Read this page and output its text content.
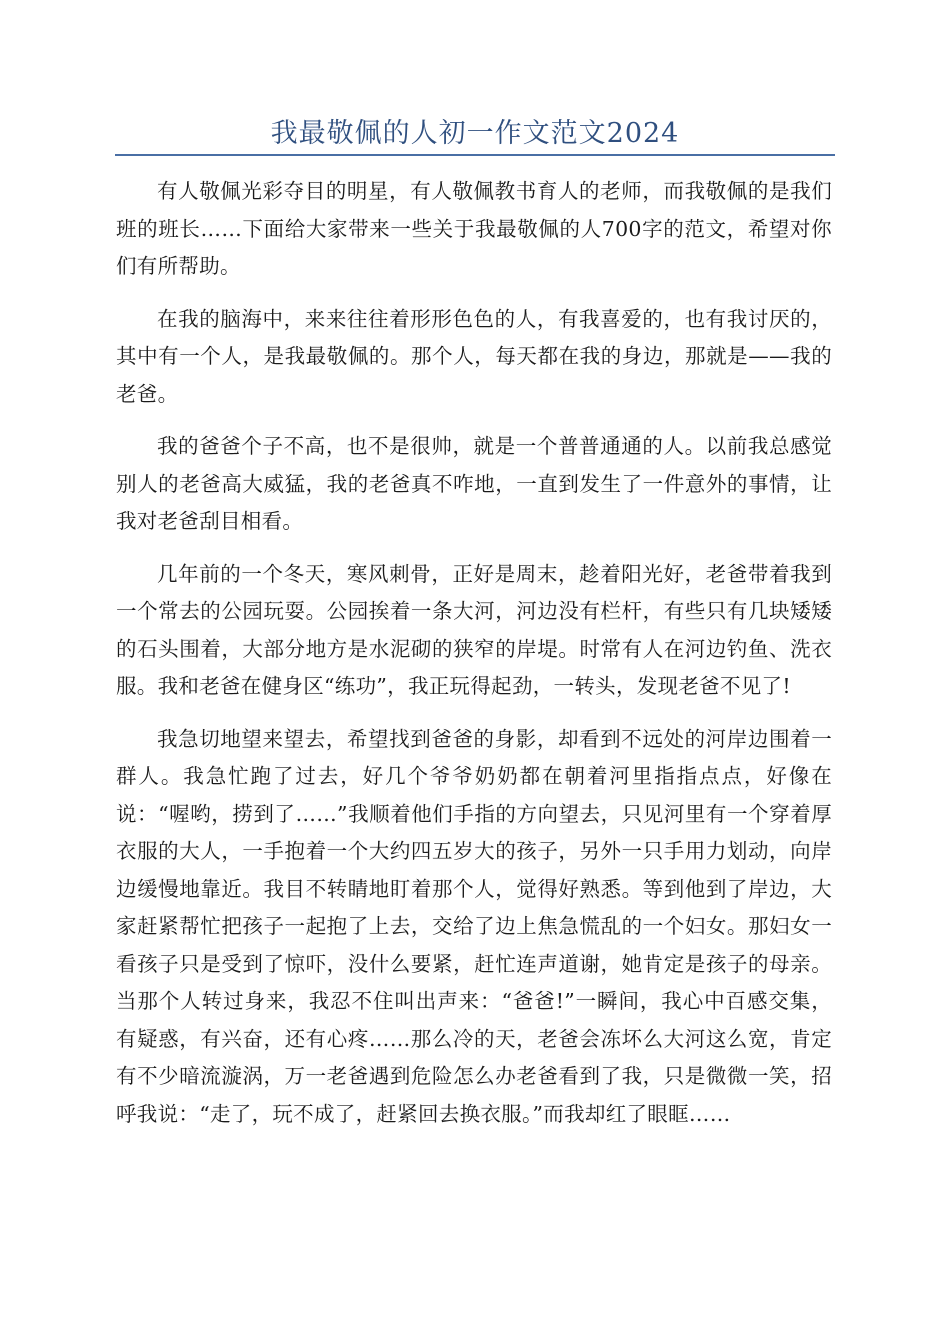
我最敬佩的人初一作文范文2024

有人敬佩光彩夺目的明星，有人敬佩教书育人的老师，而我敬佩的是我们班的班长……下面给大家带来一些关于我最敬佩的人700字的范文，希望对你们有所帮助。

在我的脑海中，来来往往着形形色色的人，有我喜爱的，也有我讨厌的，其中有一个人，是我最敬佩的。那个人，每天都在我的身边，那就是——我的老爸。

我的爸爸个子不高，也不是很帅，就是一个普普通通的人。以前我总感觉别人的老爸高大威猛，我的老爸真不咋地，一直到发生了一件意外的事情，让我对老爸刮目相看。

几年前的一个冬天，寒风刺骨，正好是周末，趁着阳光好，老爸带着我到一个常去的公园玩耍。公园挨着一条大河，河边没有栏杆，有些只有几块矮矮的石头围着，大部分地方是水泥砌的狭窄的岸堤。时常有人在河边钓鱼、洗衣服。我和老爸在健身区“练功”，我正玩得起劲，一转头，发现老爸不见了!

我急切地望来望去，希望找到爸爸的身影，却看到不远处的河岸边围着一群人。我急忙跑了过去，好几个爷爷奶奶都在朝着河里指指点点，好像在说：“喔哟，捞到了……”我顺着他们手指的方向望去，只见河里有一个穿着厚衣服的大人，一手抱着一个大约四五岁大的孩子，另外一只手用力划动，向岸边缓慢地靠近。我目不转睛地盯着那个人，觉得好熟悉。等到他到了岸边，大家赶紧帮忙把孩子一起抱了上去，交给了边上焦急慌乱的一个妇女。那妇女一看孩子只是受到了惊吓，没什么要紧，赶忙连声道谢，她肯定是孩子的母亲。当那个人转过身来，我忍不住叫出声来：“爸爸!”一瞬间，我心中百感交集，有疑惑，有兴奋，还有心疼……那么冷的天，老爸会冻坏么大河这么宽，肯定有不少暗流漩涡，万一老爸遇到危险怎么办老爸看到了我，只是微微一笑，招呼我说：“走了，玩不成了，赶紧回去换衣服。”而我却红了眼眶……
